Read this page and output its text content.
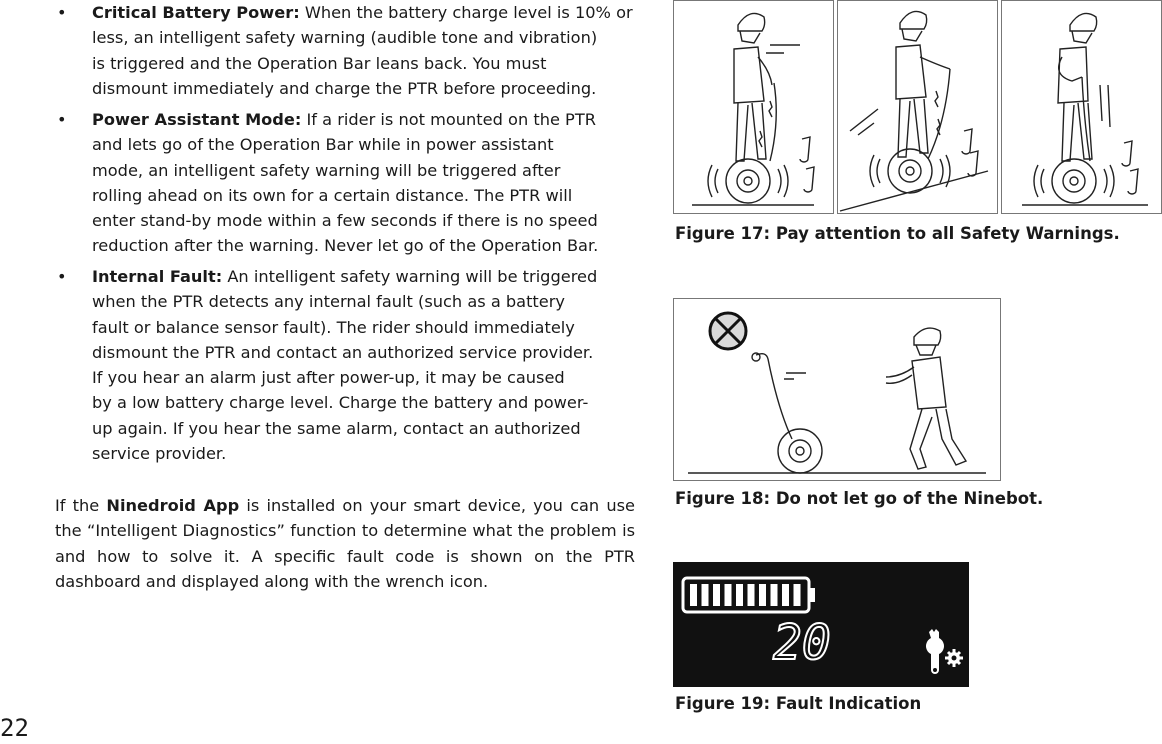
• Critical Battery Power: When the battery charge level is 10% or
less, an intelligent safety warning (audible tone and vibration)
is triggered and the Operation Bar leans back. You must
dismount immediately and charge the PTR before proceeding.
• Power Assistant Mode: If a rider is not mounted on the PTR
and lets go of the Operation Bar while in power assistant
mode, an intelligent safety warning will be triggered after
rolling ahead on its own for a certain distance. The PTR will
enter stand-by mode within a few seconds if there is no speed
reduction after the warning. Never let go of the Operation Bar.
• Internal Fault: An intelligent safety warning will be triggered
when the PTR detects any internal fault (such as a battery
fault or balance sensor fault). The rider should immediately
dismount the PTR and contact an authorized service provider.
If you hear an alarm just after power-up, it may be caused
by a low battery charge level. Charge the battery and power-
up again. If you hear the same alarm, contact an authorized
service provider.

If the Ninedroid App is installed on your smart device, you can use the “Intelligent Diagnostics” function to determine what the problem is and how to solve it. A specific fault code is shown on the PTR dashboard and displayed along with the wrench icon.

22
Figure 17: Pay attention to all Safety Warnings.
Figure 18: Do not let go of the Ninebot.
20
Figure 19: Fault Indication
